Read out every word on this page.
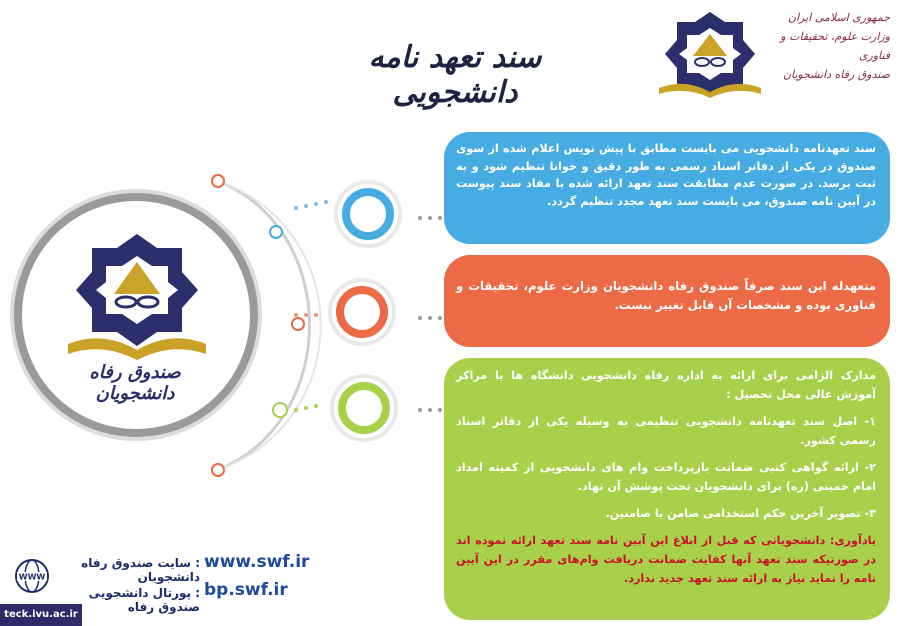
سند تعهد نامه دانشجویی
جمهوری اسلامی ایران
وزارت علوم، تحقیقات و فناوری
صندوق رفاه دانشجویان
صندوق رفاه دانشجویان
سند تعهدنامه دانشجویی می بایست مطابق با پیش نویس اعلام شده از سوی صندوق در یکی از دفاتر اسناد رسمی به طور دقیق و خوانا تنظیم شود و به ثبت برسد. در صورت عدم مطابقت سند تعهد ارائه شده با مفاد سند پیوست در آیین نامه صندوق، می بایست سند تعهد مجدد تنظیم گردد.
متعهدله این سند صرفاً صندوق رفاه دانشجویان وزارت علوم، تحقیقات و فناوری بوده و مشخصات آن قابل تغییر نیست.
مدارک الزامی برای ارائه به اداره رفاه دانشجویی دانشگاه ها یا مراکز آموزش عالی محل تحصیل :
۱- اصل سند تعهدنامه دانشجویی تنظیمی به وسیله یکی از دفاتر اسناد رسمی کشور.
۲- ارائه گواهی کتبی ضمانت بازپرداخت وام های دانشجویی از کمیته امداد امام خمینی (ره) برای دانشجویان تحت پوشش آن نهاد.
۳- تصویر آخرین حکم استخدامی ضامن یا ضامنین.
یادآوری: دانشجویانی که قبل از ابلاغ این آیین نامه سند تعهد ارائه نموده اند در صورتیکه سند تعهد آنها کفایت ضمانت دریافت وام‌های مقرر در این آیین نامه را نماید نیاز به ارائه سند تعهد جدید ندارد.
WWW
: سایت صندوق رفاه دانشجویان
www.swf.ir
: پورتال دانشجویی صندوق رفاه
bp.swf.ir
teck.ivu.ac.ir
